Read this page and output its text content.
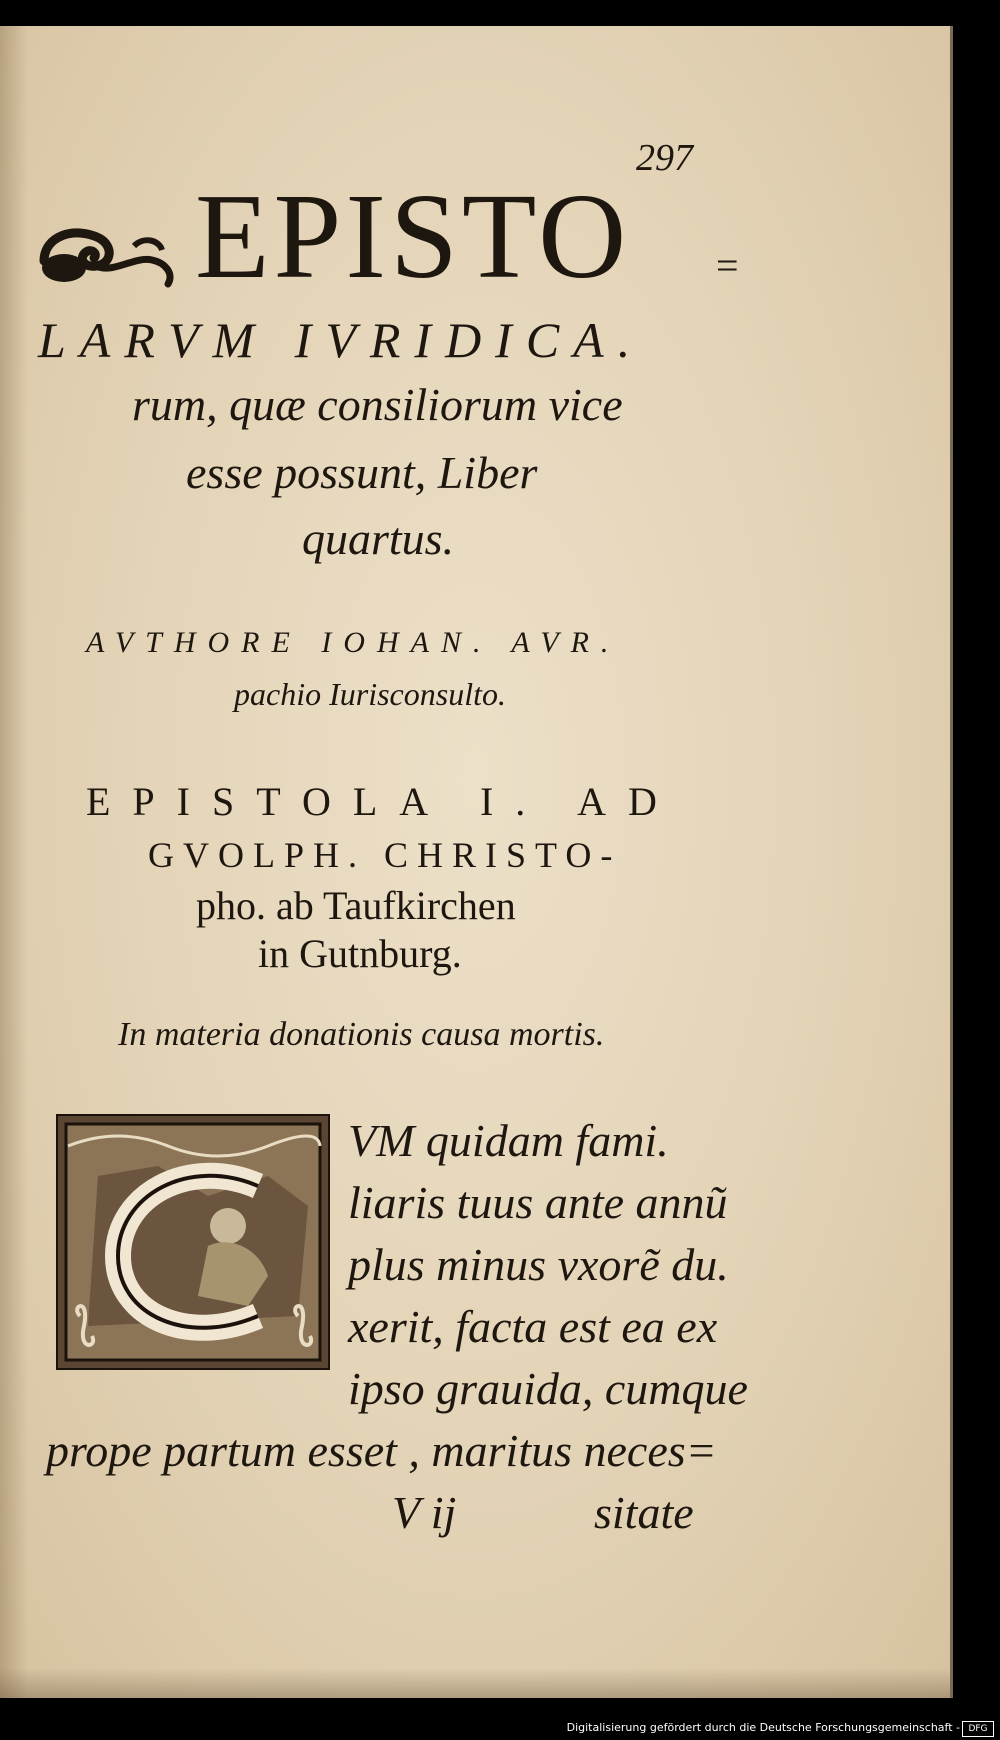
297
EPISTO =
LARVM IVRIDICA.
rum, quæ consiliorum vice
esse possunt, Liber
quartus.
AVTHORE IOHAN. AVR.
pachio Iurisconsulto.
EPISTOLA I. AD
GVOLPH. CHRISTO-
pho. ab Taufkirchen
in Gutnburg.
In materia donationis causa mortis.
VM quidam fami.
liaris tuus ante annũ
plus minus vxorẽ du.
xerit, facta est ea ex
ipso grauida, cumque
prope partum esset , maritus neces=
V ij	sitate
Digitalisierung gefördert durch die Deutsche Forschungsgemeinschaft - DFG
